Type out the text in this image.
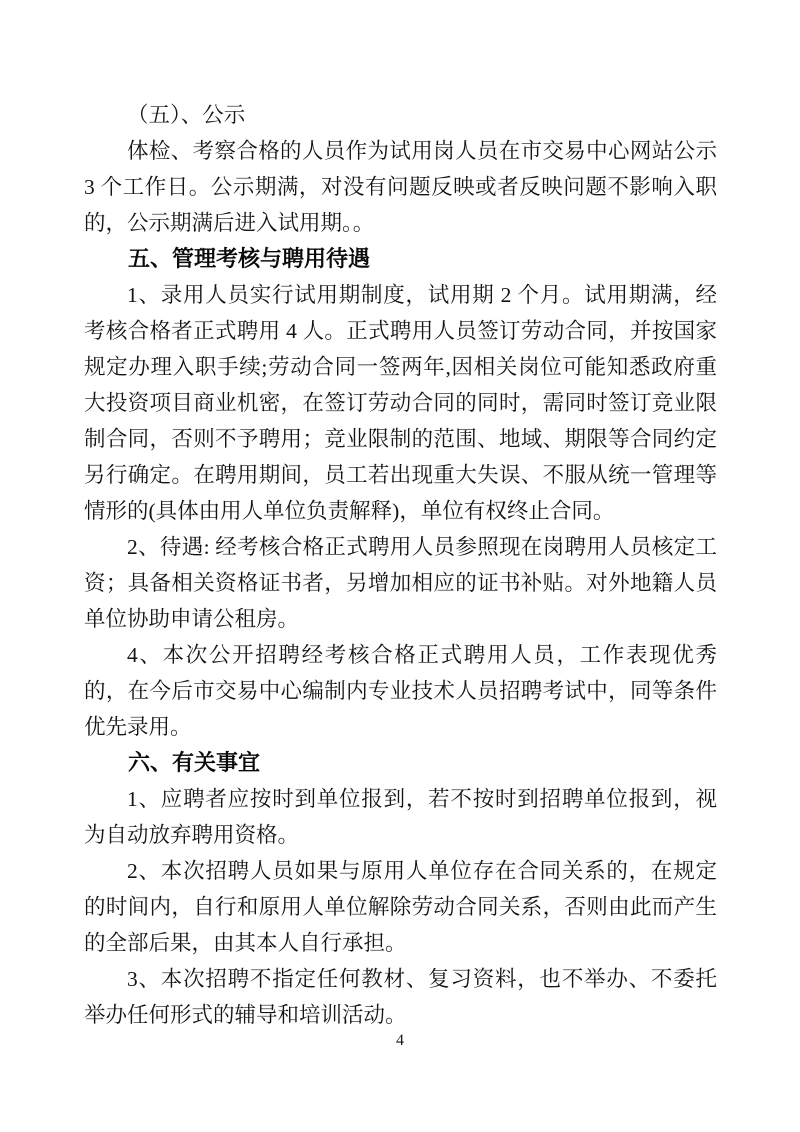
（五）、公示

体检、考察合格的人员作为试用岗人员在市交易中心网站公示 3 个工作日。公示期满，对没有问题反映或者反映问题不影响入职的，公示期满后进入试用期。。

五、管理考核与聘用待遇

1、录用人员实行试用期制度，试用期 2 个月。试用期满，经考核合格者正式聘用 4 人。正式聘用人员签订劳动合同，并按国家规定办理入职手续;劳动合同一签两年,因相关岗位可能知悉政府重大投资项目商业机密，在签订劳动合同的同时，需同时签订竞业限制合同，否则不予聘用；竞业限制的范围、地域、期限等合同约定另行确定。在聘用期间，员工若出现重大失误、不服从统一管理等情形的(具体由用人单位负责解释)，单位有权终止合同。

2、待遇: 经考核合格正式聘用人员参照现在岗聘用人员核定工资；具备相关资格证书者，另增加相应的证书补贴。对外地籍人员单位协助申请公租房。

4、本次公开招聘经考核合格正式聘用人员，工作表现优秀的，在今后市交易中心编制内专业技术人员招聘考试中，同等条件优先录用。

六、有关事宜

1、应聘者应按时到单位报到，若不按时到招聘单位报到，视为自动放弃聘用资格。

2、本次招聘人员如果与原用人单位存在合同关系的，在规定的时间内，自行和原用人单位解除劳动合同关系，否则由此而产生的全部后果，由其本人自行承担。

3、本次招聘不指定任何教材、复习资料，也不举办、不委托举办任何形式的辅导和培训活动。

4
